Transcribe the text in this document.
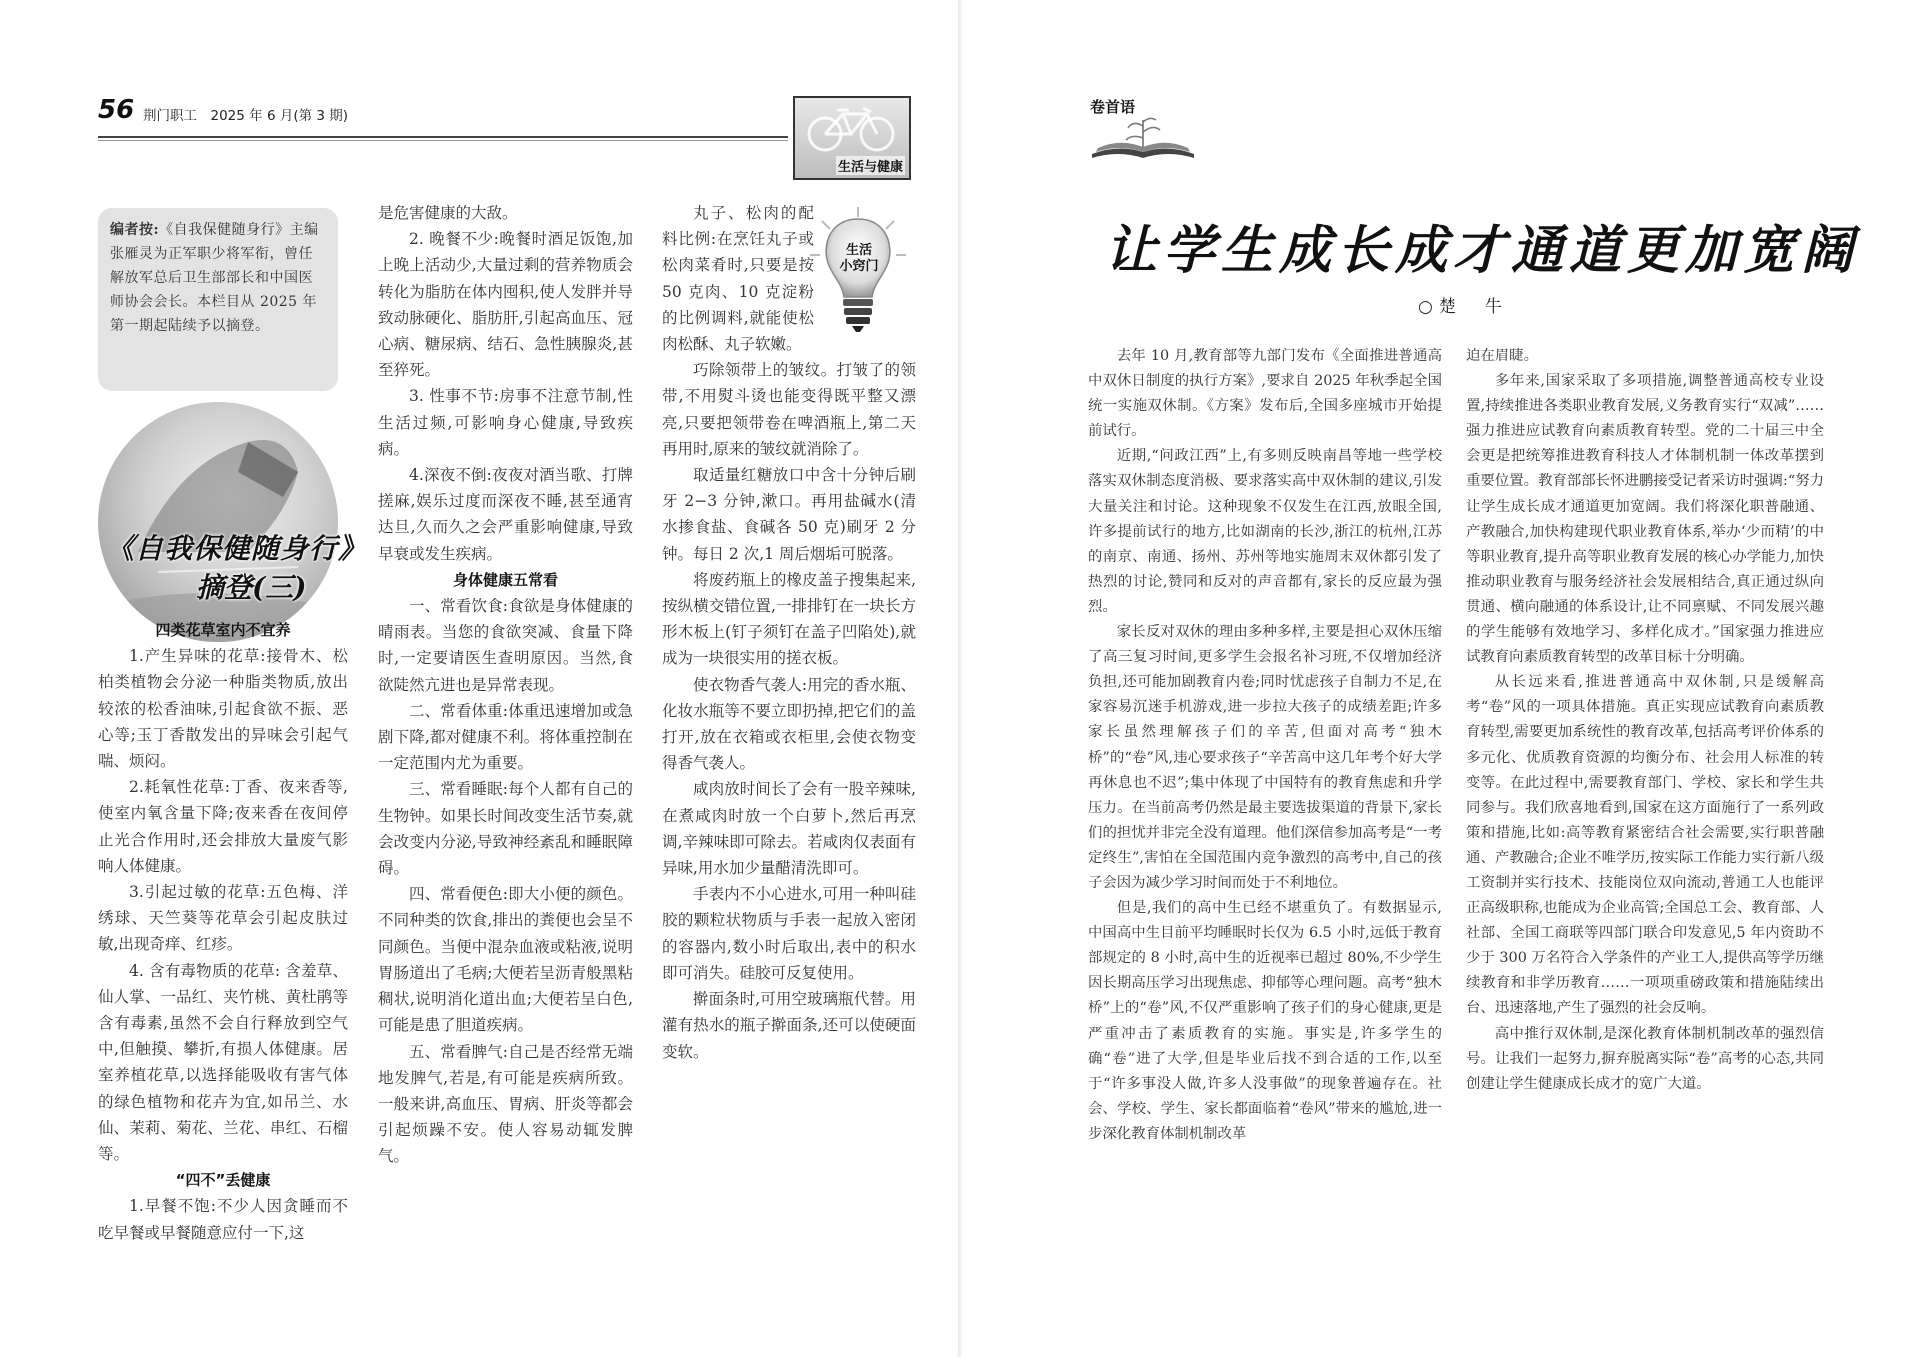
56 荆门职工　2025 年 6 月(第 3 期)
生活与健康
编者按:《自我保健随身行》主编张雁灵为正军职少将军衔，曾任解放军总后卫生部部长和中国医师协会会长。本栏目从 2025 年第一期起陆续予以摘登。
《自我保健随身行》
摘登(三)

四类花草室内不宜养

1.产生异味的花草:接骨木、松柏类植物会分泌一种脂类物质,放出较浓的松香油味,引起食欲不振、恶心等;玉丁香散发出的异味会引起气喘、烦闷。

2.耗氧性花草:丁香、夜来香等,使室内氧含量下降;夜来香在夜间停止光合作用时,还会排放大量废气影响人体健康。

3.引起过敏的花草:五色梅、洋绣球、天竺葵等花草会引起皮肤过敏,出现奇痒、红疹。

4. 含有毒物质的花草: 含羞草、仙人掌、一品红、夹竹桃、黄杜鹃等含有毒素,虽然不会自行释放到空气中,但触摸、攀折,有损人体健康。居室养植花草,以选择能吸收有害气体的绿色植物和花卉为宜,如吊兰、水仙、茉莉、菊花、兰花、串红、石榴等。

“四不”丢健康

1.早餐不饱:不少人因贪睡而不吃早餐或早餐随意应付一下,这

是危害健康的大敌。

2. 晚餐不少:晚餐时酒足饭饱,加上晚上活动少,大量过剩的营养物质会转化为脂肪在体内囤积,使人发胖并导致动脉硬化、脂肪肝,引起高血压、冠心病、糖尿病、结石、急性胰腺炎,甚至猝死。

3. 性事不节:房事不注意节制,性生活过频,可影响身心健康,导致疾病。

4.深夜不倒:夜夜对酒当歌、打牌搓麻,娱乐过度而深夜不睡,甚至通宵达旦,久而久之会严重影响健康,导致早衰或发生疾病。

身体健康五常看

一、常看饮食:食欲是身体健康的晴雨表。当您的食欲突减、食量下降时,一定要请医生查明原因。当然,食欲陡然亢进也是异常表现。

二、常看体重:体重迅速增加或急剧下降,都对健康不利。将体重控制在一定范围内尤为重要。

三、常看睡眠:每个人都有自己的生物钟。如果长时间改变生活节奏,就会改变内分泌,导致神经紊乱和睡眠障碍。

四、常看便色:即大小便的颜色。不同种类的饮食,排出的粪便也会呈不同颜色。当便中混杂血液或粘液,说明胃肠道出了毛病;大便若呈沥青般黑粘稠状,说明消化道出血;大便若呈白色,可能是患了胆道疾病。

五、常看脾气:自己是否经常无端地发脾气,若是,有可能是疾病所致。一般来讲,高血压、胃病、肝炎等都会引起烦躁不安。使人容易动辄发脾气。

丸子、松肉的配料比例:在烹饪丸子或松肉菜肴时,只要是按 50 克肉、10 克淀粉的比例调料,就能使松肉松酥、丸子软嫩。

巧除领带上的皱纹。打皱了的领带,不用熨斗烫也能变得既平整又漂亮,只要把领带卷在啤酒瓶上,第二天再用时,原来的皱纹就消除了。

取适量红糖放口中含十分钟后刷牙 2−3 分钟,漱口。再用盐碱水(清水掺食盐、食碱各 50 克)刷牙 2 分钟。每日 2 次,1 周后烟垢可脱落。

将废药瓶上的橡皮盖子搜集起来,按纵横交错位置,一排排钉在一块长方形木板上(钉子须钉在盖子凹陷处),就成为一块很实用的搓衣板。

使衣物香气袭人:用完的香水瓶、化妆水瓶等不要立即扔掉,把它们的盖打开,放在衣箱或衣柜里,会使衣物变得香气袭人。

咸肉放时间长了会有一股辛辣味,在煮咸肉时放一个白萝卜,然后再烹调,辛辣味即可除去。若咸肉仅表面有异味,用水加少量醋清洗即可。

手表内不小心进水,可用一种叫硅胶的颗粒状物质与手表一起放入密闭的容器内,数小时后取出,表中的积水即可消失。硅胶可反复使用。

擀面条时,可用空玻璃瓶代替。用灌有热水的瓶子擀面条,还可以使硬面变软。

生活
小窍门
卷首语
让学生成长成才通道更加宽阔
○楚　牛

去年 10 月,教育部等九部门发布《全面推进普通高中双休日制度的执行方案》,要求自 2025 年秋季起全国统一实施双休制。《方案》发布后,全国多座城市开始提前试行。

近期,“问政江西”上,有多则反映南昌等地一些学校落实双休制态度消极、要求落实高中双休制的建议,引发大量关注和讨论。这种现象不仅发生在江西,放眼全国,许多提前试行的地方,比如湖南的长沙,浙江的杭州,江苏的南京、南通、扬州、苏州等地实施周末双休都引发了热烈的讨论,赞同和反对的声音都有,家长的反应最为强烈。

家长反对双休的理由多种多样,主要是担心双休压缩了高三复习时间,更多学生会报名补习班,不仅增加经济负担,还可能加剧教育内卷;同时忧虑孩子自制力不足,在家容易沉迷手机游戏,进一步拉大孩子的成绩差距;许多家长虽然理解孩子们的辛苦,但面对高考“独木桥”的“卷”风,违心要求孩子“辛苦高中这几年考个好大学再休息也不迟”;集中体现了中国特有的教育焦虑和升学压力。在当前高考仍然是最主要选拔渠道的背景下,家长们的担忧并非完全没有道理。他们深信参加高考是“一考定终生”,害怕在全国范围内竞争激烈的高考中,自己的孩子会因为减少学习时间而处于不利地位。

但是,我们的高中生已经不堪重负了。有数据显示,中国高中生目前平均睡眠时长仅为 6.5 小时,远低于教育部规定的 8 小时,高中生的近视率已超过 80%,不少学生因长期高压学习出现焦虑、抑郁等心理问题。高考“独木桥”上的“卷”风,不仅严重影响了孩子们的身心健康,更是严重冲击了素质教育的实施。事实是,许多学生的确“卷”进了大学,但是毕业后找不到合适的工作,以至于“许多事没人做,许多人没事做”的现象普遍存在。社会、学校、学生、家长都面临着“卷风”带来的尴尬,进一步深化教育体制机制改革

迫在眉睫。

多年来,国家采取了多项措施,调整普通高校专业设置,持续推进各类职业教育发展,义务教育实行“双减”……强力推进应试教育向素质教育转型。党的二十届三中全会更是把统筹推进教育科技人才体制机制一体改革摆到重要位置。教育部部长怀进鹏接受记者采访时强调:“努力让学生成长成才通道更加宽阔。我们将深化职普融通、产教融合,加快构建现代职业教育体系,举办‘少而精’的中等职业教育,提升高等职业教育发展的核心办学能力,加快推动职业教育与服务经济社会发展相结合,真正通过纵向贯通、横向融通的体系设计,让不同禀赋、不同发展兴趣的学生能够有效地学习、多样化成才。”国家强力推进应试教育向素质教育转型的改革目标十分明确。

从长远来看,推进普通高中双休制,只是缓解高考“卷”风的一项具体措施。真正实现应试教育向素质教育转型,需要更加系统性的教育改革,包括高考评价体系的多元化、优质教育资源的均衡分布、社会用人标准的转变等。在此过程中,需要教育部门、学校、家长和学生共同参与。我们欣喜地看到,国家在这方面施行了一系列政策和措施,比如:高等教育紧密结合社会需要,实行职普融通、产教融合;企业不唯学历,按实际工作能力实行新八级工资制并实行技术、技能岗位双向流动,普通工人也能评正高级职称,也能成为企业高管;全国总工会、教育部、人社部、全国工商联等四部门联合印发意见,5 年内资助不少于 300 万名符合入学条件的产业工人,提供高等学历继续教育和非学历教育……一项项重磅政策和措施陆续出台、迅速落地,产生了强烈的社会反响。

高中推行双休制,是深化教育体制机制改革的强烈信号。让我们一起努力,摒弃脱离实际“卷”高考的心态,共同创建让学生健康成长成才的宽广大道。
